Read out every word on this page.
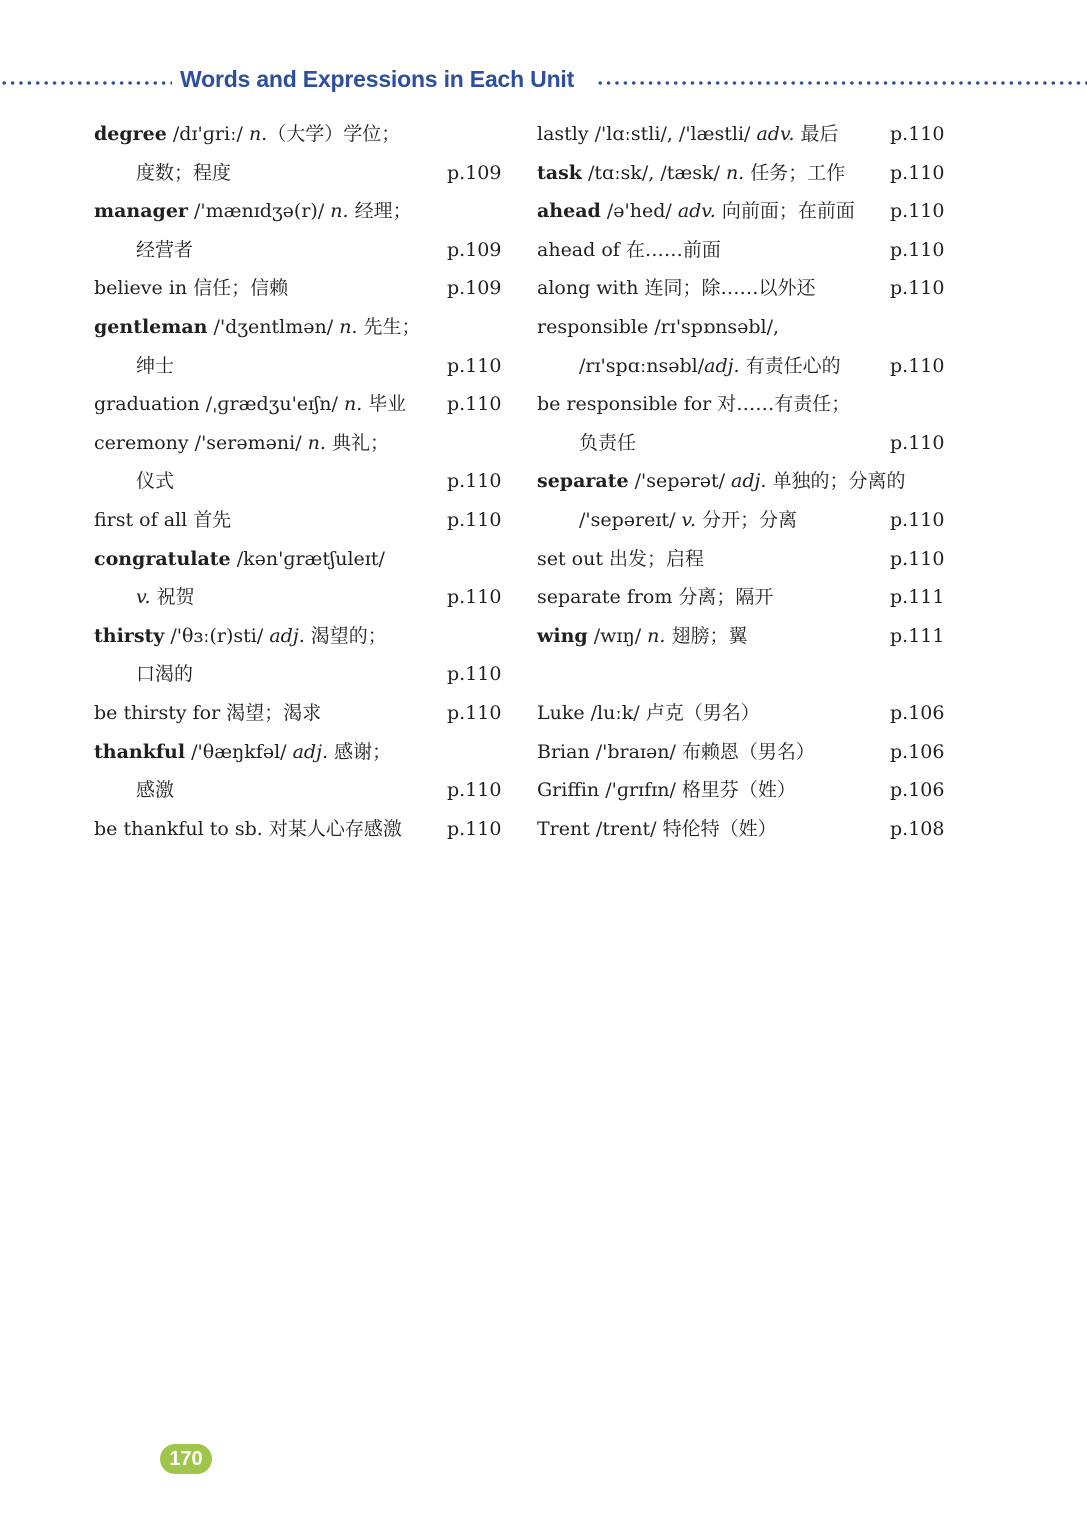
Words and Expressions in Each Unit
degree /dɪ'ɡriː/ n.（大学）学位；
度数；程度	p.109
manager /'mænɪdʒə(r)/ n. 经理；
经营者	p.109
believe in 信任；信赖	p.109
gentleman /'dʒentlmən/ n. 先生；
绅士	p.110
graduation /ˌɡrædʒu'eɪʃn/ n. 毕业 p.110
ceremony /'serəməni/ n. 典礼；
仪式	p.110
first of all 首先	p.110
congratulate /kən'ɡrætʃuleɪt/
v. 祝贺	p.110
thirsty /'θɜː(r)sti/ adj. 渴望的；
口渴的	p.110
be thirsty for 渴望；渴求	p.110
thankful /'θæŋkfəl/ adj. 感谢；
感激	p.110
be thankful to sb. 对某人心存感激 p.110
lastly /'lɑːstli/, /'læstli/ adv. 最后	p.110
task /tɑːsk/, /tæsk/ n. 任务；工作 p.110
ahead /ə'hed/ adv. 向前面；在前面 p.110
ahead of 在……前面	p.110
along with 连同；除……以外还	p.110
responsible /rɪ'spɒnsəbl/,
/rɪ'spɑːnsəbl/adj. 有责任心的	p.110
be responsible for 对……有责任；
负责任	p.110
separate /'sepərət/ adj. 单独的；分离的
/'sepəreɪt/ v. 分开；分离	p.110
set out 出发；启程	p.110
separate from 分离；隔开	p.111
wing /wɪŋ/ n. 翅膀；翼	p.111
Luke /luːk/ 卢克（男名）	p.106
Brian /'braɪən/ 布赖恩（男名）	p.106
Griffin /'ɡrɪfɪn/ 格里芬（姓）	p.106
Trent /trent/ 特伦特（姓）	p.108
170
